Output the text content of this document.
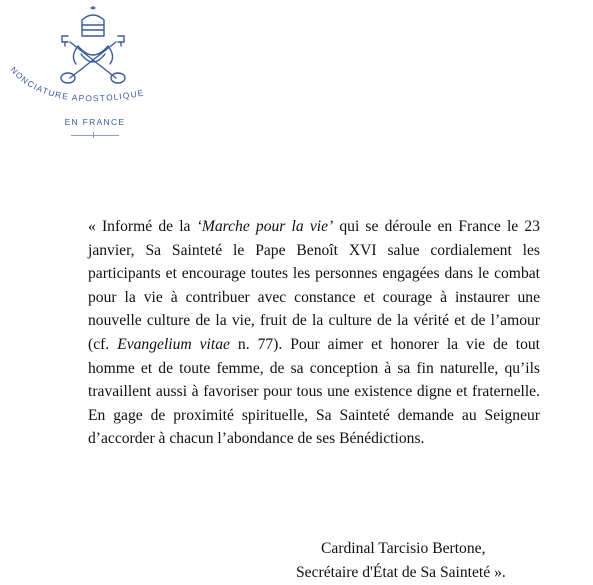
NONCIATURE APOSTOLIQUE
EN FRANCE

« Informé de la ‘Marche pour la vie’ qui se déroule en France le 23 janvier, Sa Sainteté le Pape Benoît XVI salue cordialement les participants et encourage toutes les personnes engagées dans le combat pour la vie à contribuer avec constance et courage à instaurer une nouvelle culture de la vie, fruit de la culture de la vérité et de l’amour (cf. Evangelium vitae n. 77). Pour aimer et honorer la vie de tout homme et de toute femme, de sa conception à sa fin naturelle, qu’ils travaillent aussi à favoriser pour tous une existence digne et fraternelle. En gage de proximité spirituelle, Sa Sainteté demande au Seigneur d’accorder à chacun l’abondance de ses Bénédictions.

Cardinal Tarcisio Bertone,
Secrétaire d'État de Sa Sainteté ».
